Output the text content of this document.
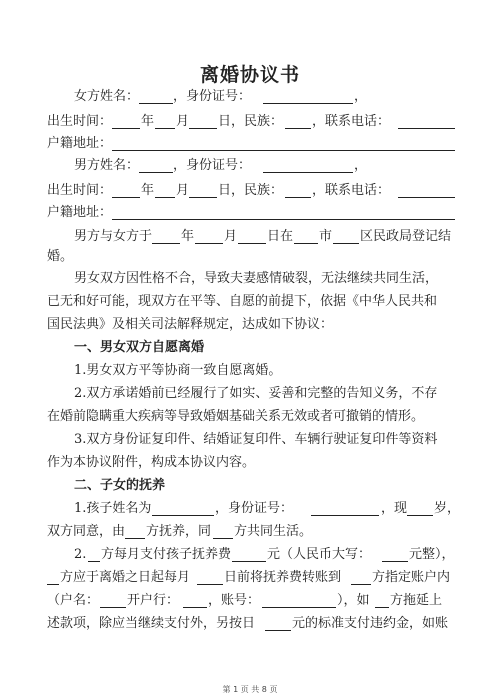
离婚协议书
女方姓名：	，身份证号：	，
出生时间： 年 月 日，民族： ，联系电话：
户籍地址：
男方姓名：	，身份证号：	，
出生时间： 年 月 日，民族： ，联系电话：
户籍地址：
男方与女方于 年 月 日在 市 区民政局登记结
婚。
男女双方因性格不合，导致夫妻感情破裂，无法继续共同生活，
已无和好可能，现双方在平等、自愿的前提下，依据《中华人民共和
国民法典》及相关司法解释规定，达成如下协议：
一、男女双方自愿离婚
1.男女双方平等协商一致自愿离婚。
2.双方承诺婚前已经履行了如实、妥善和完整的告知义务，不存
在婚前隐瞒重大疾病等导致婚姻基础关系无效或者可撤销的情形。
3.双方身份证复印件、结婚证复印件、车辆行驶证复印件等资料
作为本协议附件，构成本协议内容。
二、子女的抚养
1.孩子姓名为	，身份证号：	，现 岁，
双方同意，由 方抚养，同 方共同生活。
2. 方每月支付孩子抚养费	元（人民币大写：	元整），
方应于离婚之日起每月	日前将抚养费转账到 方指定账户内
（户名： 开户行： ，账号：	），如 方拖延上
述款项，除应当继续支付外，另按日	元的标准支付违约金，如账
第 1 页 共 8 页
